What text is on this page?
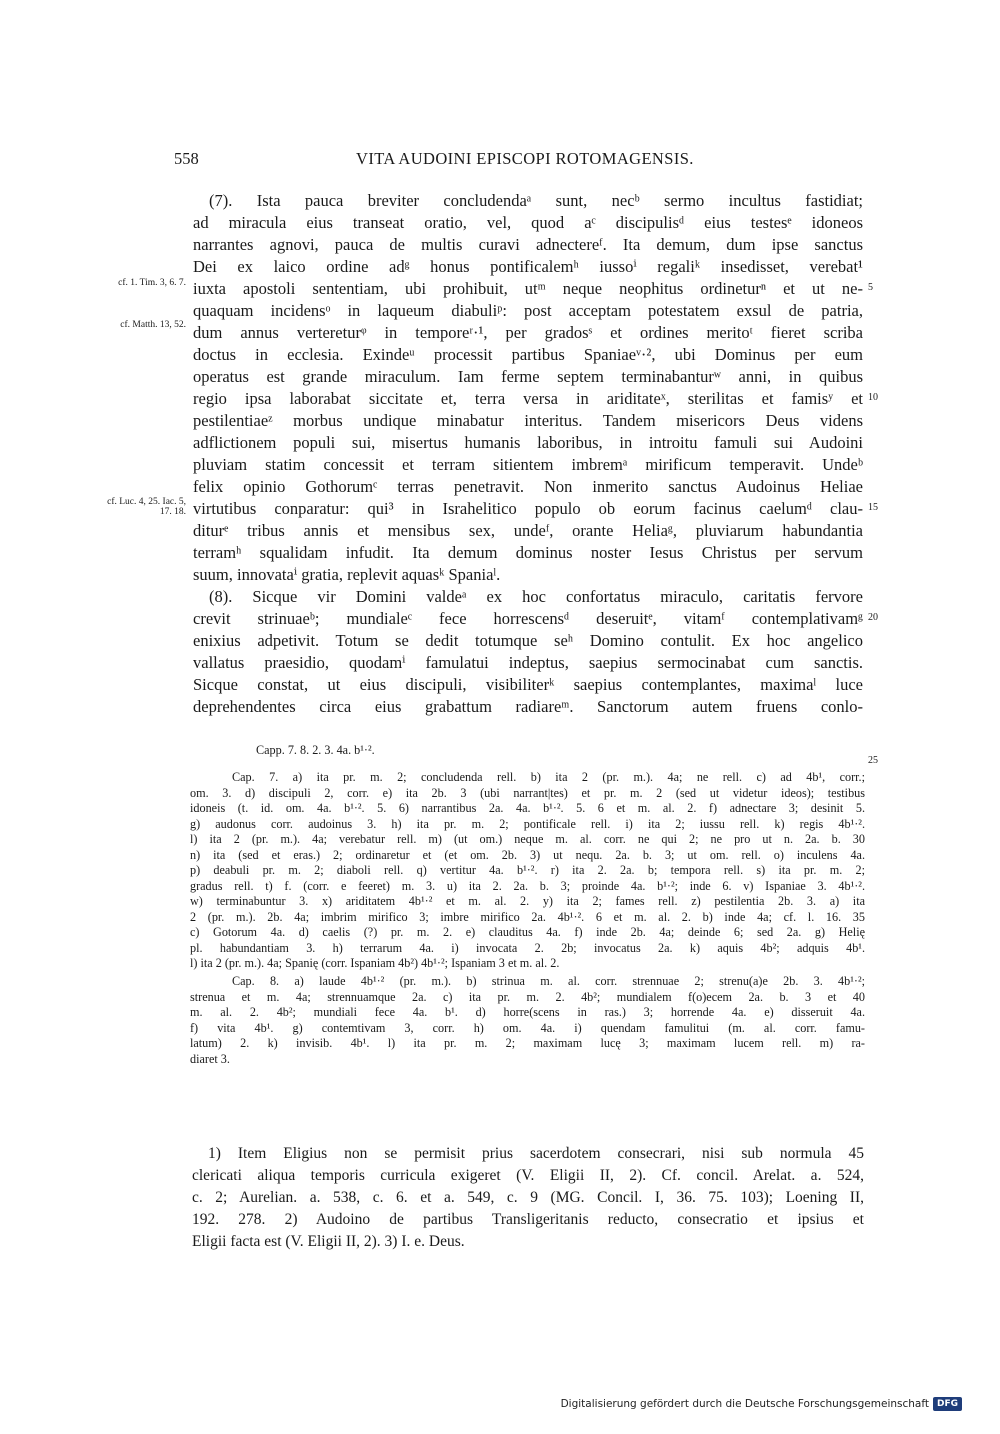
558	VITA AUDOINI EPISCOPI ROTOMAGENSIS.
(7). Ista pauca breviter concludendaᵃ sunt, necᵇ sermo incultus fastidiat;
ad miracula eius transeat oratio, vel, quod aᶜ discipulisᵈ eius testesᵉ idoneos
narrantes agnovi, pauca de multis curavi adnectereᶠ. Ita demum, dum ipse sanctus
Dei ex laico ordine adᵍ honus pontificalemʰ iussoⁱ regaliᵏ insedisset, verebat¹
iuxta apostoli sententiam, ubi prohibuit, utᵐ neque neophitus ordineturⁿ et ut ne-
quaquam incidensᵒ in laqueum diabuliᵖ: post acceptam potestatem exsul de patria,
dum annus vertereturᵠ in temporeʳ·¹, per gradosˢ et ordines meritoᵗ fieret scriba
doctus in ecclesia. Exindeᵘ processit partibus Spaniaeᵛ·², ubi Dominus per eum
operatus est grande miraculum. Iam ferme septem terminabanturʷ anni, in quibus
regio ipsa laborabat siccitate et, terra versa in ariditateˣ, sterilitas et famisʸ et
pestilentiaeᶻ morbus undique minabatur interitus. Tandem misericors Deus videns
adflictionem populi sui, misertus humanis laboribus, in introitu famuli sui Audoini
pluviam statim concessit et terram sitientem imbremᵃ mirificum temperavit. Undeᵇ
felix opinio Gothorumᶜ terras penetravit. Non inmerito sanctus Audoinus Heliae
virtutibus conparatur: qui³ in Israhelitico populo ob eorum facinus caelumᵈ clau-
diturᵉ tribus annis et mensibus sex, undeᶠ, orante Heliaᵍ, pluviarum habundantia
terramʰ squalidam infudit. Ita demum dominus noster Iesus Christus per servum
suum, innovataⁱ gratia, replevit aquasᵏ Spaniaˡ.
(8). Sicque vir Domini valdeᵃ ex hoc confortatus miraculo, caritatis fervore
crevit strinuaeᵇ; mundialeᶜ fece horrescensᵈ deseruitᵉ, vitamᶠ contemplativamᵍ
enixius adpetivit. Totum se dedit totumque seʰ Domino contulit. Ex hoc angelico
vallatus praesidio, quodamⁱ famulatui indeptus, saepius sermocinabat cum sanctis.
Sicque constat, ut eius discipuli, visibiliterᵏ saepius contemplantes, maximaˡ luce
deprehendentes circa eius grabattum radiareᵐ. Sanctorum autem fruens conlo-
cf. 1. Tim. 3, 6. 7.
cf. Matth. 13, 52.
cf. Luc. 4, 25. Iac. 5, 17. 18.
5
10
15
20
25
Capp. 7. 8. 2. 3. 4a. b¹·².
Cap. 7. a) ita pr. m. 2; concludenda rell. b) ita 2 (pr. m.). 4a; ne rell. c) ad 4b¹, corr.;
om. 3. d) discipuli 2, corr. e) ita 2b. 3 (ubi narrant|tes) et pr. m. 2 (sed ut videtur ideos); testibus
idoneis (t. id. om. 4a. b¹·². 5. 6) narrantibus 2a. 4a. b¹·². 5. 6 et m. al. 2. f) adnectare 3; desinit 5.
g) audonus corr. audoinus 3. h) ita pr. m. 2; pontificale rell. i) ita 2; iussu rell. k) regis 4b¹·².
l) ita 2 (pr. m.). 4a; verebatur rell. m) (ut om.) neque m. al. corr. ne qui 2; ne pro ut n. 2a. b. 30
n) ita (sed et eras.) 2; ordinaretur et (et om. 2b. 3) ut nequ. 2a. b. 3; ut om. rell. o) inculens 4a.
p) deabuli pr. m. 2; diaboli rell. q) vertitur 4a. b¹·². r) ita 2. 2a. b; tempora rell. s) ita pr. m. 2;
gradus rell. t) f. (corr. e feeret) m. 3. u) ita 2. 2a. b. 3; proinde 4a. b¹·²; inde 6. v) Ispaniae 3. 4b¹·².
w) terminabuntur 3. x) ariditatem 4b¹·² et m. al. 2. y) ita 2; fames rell. z) pestilentia 2b. 3. a) ita
2 (pr. m.). 2b. 4a; imbrim mirifico 3; imbre mirifico 2a. 4b¹·². 6 et m. al. 2. b) inde 4a; cf. l. 16. 35
c) Gotorum 4a. d) caelis (?) pr. m. 2. e) clauditus 4a. f) inde 2b. 4a; deinde 6; sed 2a. g) Helię
pl. habundantiam 3. h) terrarum 4a. i) invocata 2. 2b; invocatus 2a. k) aquis 4b²; adquis 4b¹.
l) ita 2 (pr. m.). 4a; Spanię (corr. Ispaniam 4b²) 4b¹·²; Ispaniam 3 et m. al. 2.
Cap. 8. a) laude 4b¹·² (pr. m.). b) strinua m. al. corr. strennuae 2; strenu(a)e 2b. 3. 4b¹·²;
strenua et m. 4a; strennuamque 2a. c) ita pr. m. 2. 4b²; mundialem f(o)ecem 2a. b. 3 et 40
m. al. 2. 4b²; mundiali fece 4a. b¹. d) horre(scens in ras.) 3; horrende 4a. e) disseruit 4a.
f) vita 4b¹. g) contemtivam 3, corr. h) om. 4a. i) quendam famulitui (m. al. corr. famu-
latum) 2. k) invisib. 4b¹. l) ita pr. m. 2; maximam lucę 3; maximam lucem rell. m) ra-
diaret 3.
1) Item Eligius non se permisit prius sacerdotem consecrari, nisi sub normula 45
clericati aliqua temporis curricula exigeret (V. Eligii II, 2). Cf. concil. Arelat. a. 524,
c. 2; Aurelian. a. 538, c. 6. et a. 549, c. 9 (MG. Concil. I, 36. 75. 103); Loening II,
192. 278. 2) Audoino de partibus Transligeritanis reducto, consecratio et ipsius et
Eligii facta est (V. Eligii II, 2). 3) I. e. Deus.
Digitalisierung gefördert durch die Deutsche Forschungsgemeinschaft DFG
